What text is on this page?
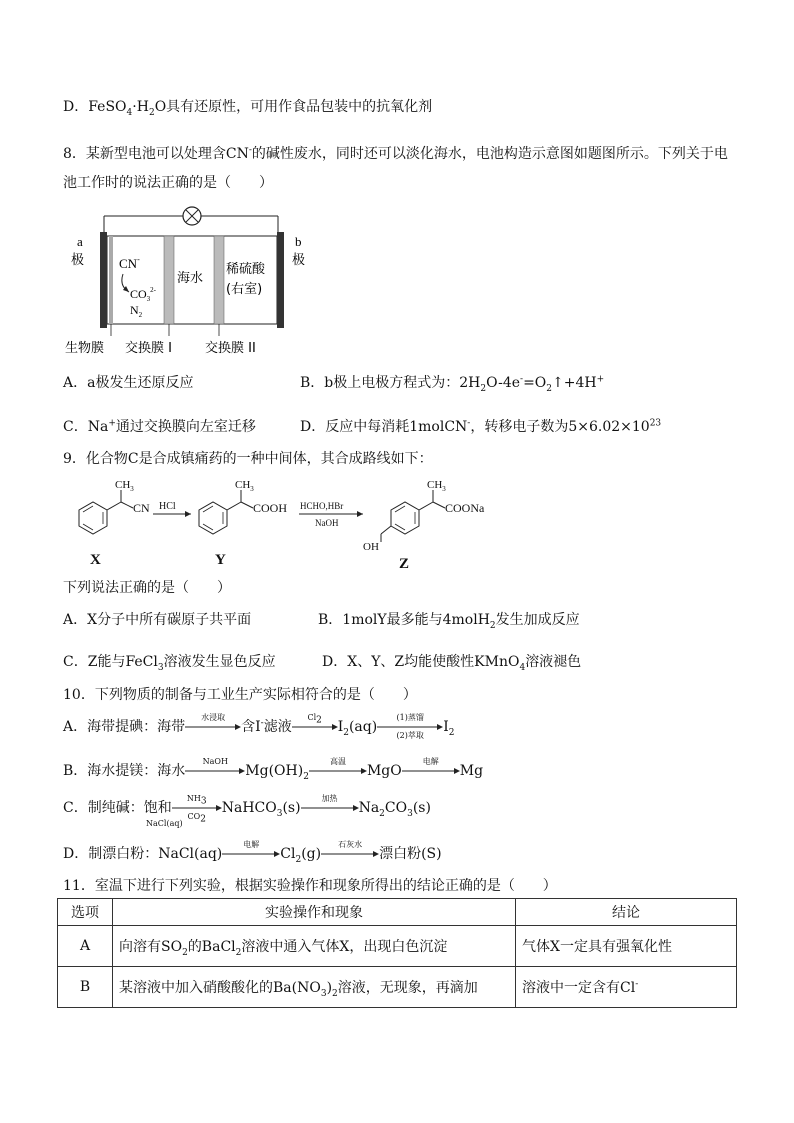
D．$FeSO_4\cdot H_2O$具有还原性，可用作食品包装中的抗氧化剂
8．某新型电池可以处理含CN-的碱性废水，同时还可以淡化海水，电池构造示意图如题图所示。下列关于电
池工作时的说法正确的是（　　）
a
极
b
极
CN-
$CO_3^{2-}$
$N_2$
海水
稀硫酸
(右室)
生物膜 交换膜 I	交换膜 II
A．a极发生还原反应	B．b极上电极方程式为：$2H_2O-4e^-=O_2↑+4H^+$
C．Na+通过交换膜向左室迁移	D．反应中每消耗1molCN-，转移电子数为$5\times 6.02\times 10^{23}$
9．化合物C是合成镇痛药的一种中间体，其合成路线如下：
$CH_3$
CN
X
HCl
$CH_3$
COOH
Y
HCHO,HBr
NaOH
$CH_3$
COONa
OH
Z
下列说法正确的是（　　）
A．X分子中所有碳原子共平面	B．1molY最多能与4molH$_2$发生加成反应
C．Z能与FeCl$_3$溶液发生显色反应	D．X、Y、Z均能使酸性KMnO$_4$溶液褪色
10．下列物质的制备与工业生产实际相符合的是（　　）
A．海带提碘：海带
水浸取
含I-滤液
$Cl_2$	$I_2(aq)$
(1)蒸馏
(2)萃取
$I_2$
B．海水提镁：海水
NaOH
$Mg(OH)_2$
高温
MgO
电解
Mg
C．制纯碱：饱和
$NH_3$
$CO_2$
NaHCO$_3$(s)
加热
$Na_2CO_3(s)$
NaCl(aq)
D．制漂白粉：NaCl(aq)
电解
$Cl_2(g)$
石灰水
漂白粉(S)
11．室温下进行下列实验，根据实验操作和现象所得出的结论正确的是（　　）
选项	实验操作和现象	结论
A	向溶有$SO_2$的BaCl$_2$溶液中通入气体X，出现白色沉淀	气体X一定具有强氧化性
B	某溶液中加入硝酸酸化的$Ba(NO_3)_2$溶液，无现象，再滴加	溶液中一定含有Cl-
